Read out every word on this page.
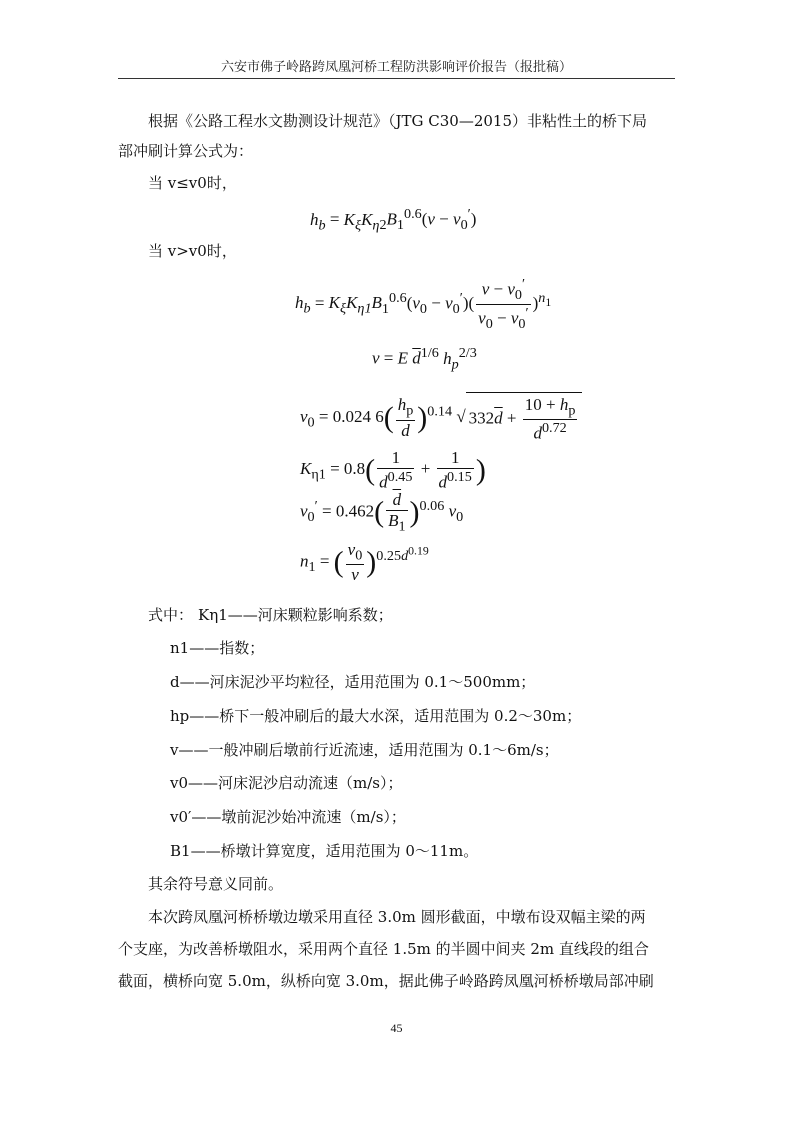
六安市佛子岭路跨凤凰河桥工程防洪影响评价报告（报批稿）
根据《公路工程水文勘测设计规范》（JTG C30—2015）非粘性土的桥下局
部冲刷计算公式为：
当 v≤v0时，
$h_b = K_\xi K_{\eta 2}B_1^{0.6}(v - v_0')$
当 v>v0时，
$h_b = K_\xi K_{\eta 1}B_1^{0.6}(v_0 - v_0')( \frac{v - v_0'}{v_0 - v_0'} )^{n_1}$
v = E $\overline{d}^{1/6}$ $h_p^{2/3}$
$v_0 = 0.024$ $6( \frac{h_p}{d} )^{0.14}$ √ $332\overline{d} + \frac{10 + h_p}{d^{0.72}}$
$K_{\eta 1} = 0.8( \frac{1}{d^{0.45}} + \frac{1}{d^{0.15}}$ )
$v_0' = 0.462( \frac{\overline{d}}{B_1} )^{0.06}$ $v_0$
$n_1$ = ( $\frac{v_0}{v} )^{0.25d^{0.19}}$
式中： Kη1——河床颗粒影响系数；
n1——指数；
d——河床泥沙平均粒径，适用范围为 0.1～500mm；
hp——桥下一般冲刷后的最大水深，适用范围为 0.2～30m；
v——一般冲刷后墩前行近流速，适用范围为 0.1～6m/s；
v0——河床泥沙启动流速（m/s）；
v0′——墩前泥沙始冲流速（m/s）；
B1——桥墩计算宽度，适用范围为 0～11m。
其余符号意义同前。
本次跨凤凰河桥桥墩边墩采用直径 3.0m 圆形截面，中墩布设双幅主梁的两
个支座，为改善桥墩阻水，采用两个直径 1.5m 的半圆中间夹 2m 直线段的组合
截面，横桥向宽 5.0m，纵桥向宽 3.0m，据此佛子岭路跨凤凰河桥桥墩局部冲刷
45
